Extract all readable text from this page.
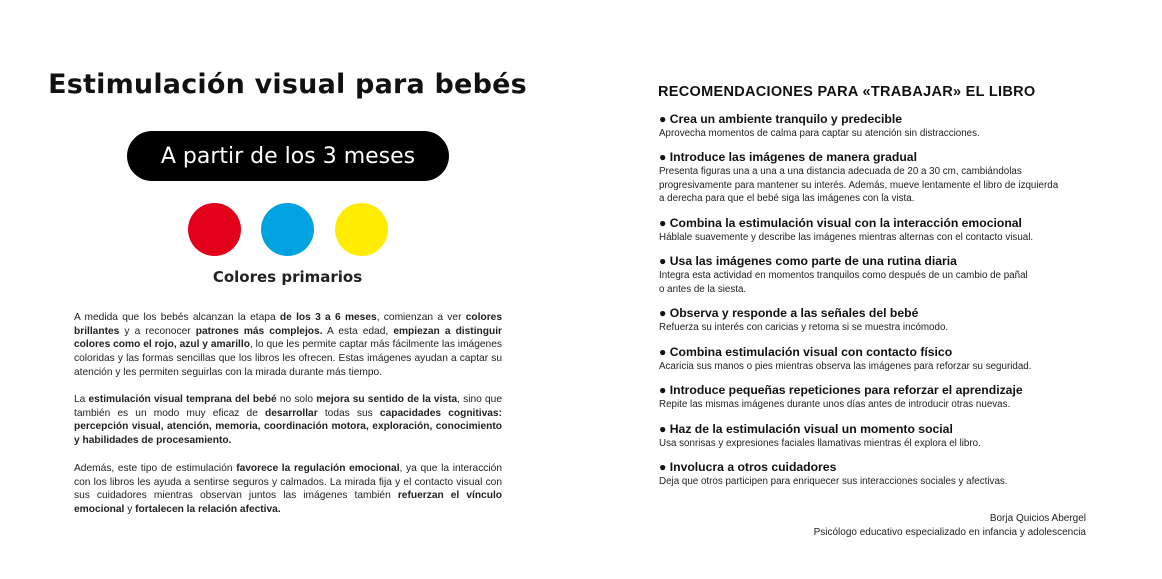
Estimulación visual para bebés
A partir de los 3 meses
Colores primarios

A medida que los bebés alcanzan la etapa de los 3 a 6 meses, comienzan a ver colores brillantes y a reconocer patrones más complejos. A esta edad, empiezan a distinguir colores como el rojo, azul y amarillo, lo que les permite captar más fácilmente las imágenes coloridas y las formas sencillas que los libros les ofrecen. Estas imágenes ayudan a captar su atención y les permiten seguirlas con la mirada durante más tiempo.

La estimulación visual temprana del bebé no solo mejora su sentido de la vista, sino que también es un modo muy eficaz de desarrollar todas sus capacidades cognitivas: percepción visual, atención, memoria, coordinación motora, exploración, conocimiento y habilidades de procesamiento.

Además, este tipo de estimulación favorece la regulación emocional, ya que la interacción con los libros les ayuda a sentirse seguros y calmados. La mirada fija y el contacto visual con sus cuidadores mientras observan juntos las imágenes también refuerzan el vínculo emocional y fortalecen la relación afectiva.

RECOMENDACIONES PARA «TRABAJAR» EL LIBRO
● Crea un ambiente tranquilo y predecible
Aprovecha momentos de calma para captar su atención sin distracciones.
● Introduce las imágenes de manera gradual
Presenta figuras una a una a una distancia adecuada de 20 a 30 cm, cambiándolas
progresivamente para mantener su interés. Además, mueve lentamente el libro de izquierda
a derecha para que el bebé siga las imágenes con la vista.
● Combina la estimulación visual con la interacción emocional
Háblale suavemente y describe las imágenes mientras alternas con el contacto visual.
● Usa las imágenes como parte de una rutina diaria
Integra esta actividad en momentos tranquilos como después de un cambio de pañal
o antes de la siesta.
● Observa y responde a las señales del bebé
Refuerza su interés con caricias y retoma si se muestra incómodo.
● Combina estimulación visual con contacto físico
Acaricia sus manos o pies mientras observa las imágenes para reforzar su seguridad.
● Introduce pequeñas repeticiones para reforzar el aprendizaje
Repite las mismas imágenes durante unos días antes de introducir otras nuevas.
● Haz de la estimulación visual un momento social
Usa sonrisas y expresiones faciales llamativas mientras él explora el libro.
● Involucra a otros cuidadores
Deja que otros participen para enriquecer sus interacciones sociales y afectivas.
Borja Quicios Abergel
Psicólogo educativo especializado en infancia y adolescencia
